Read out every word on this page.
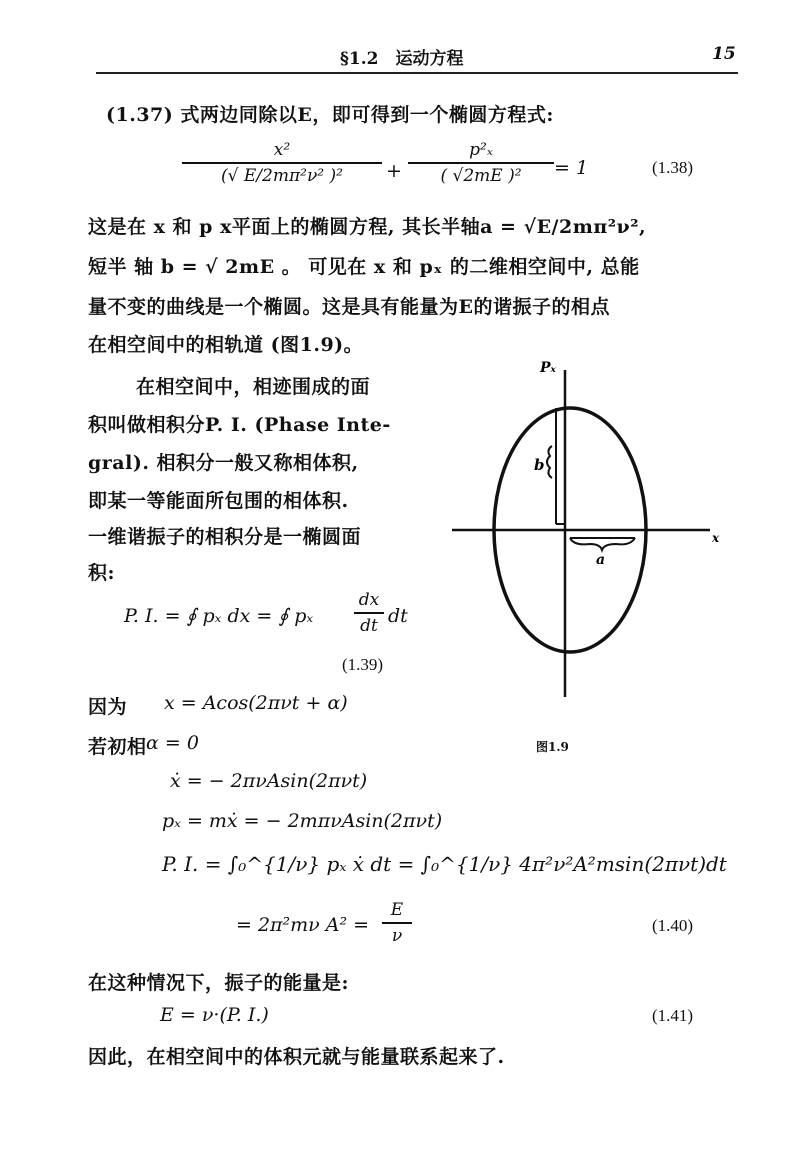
§1.2　运动方程	15
(1.37) 式两边同除以E，即可得到一个椭圆方程式:
x²
(√ E/2mπ²ν² )²	+
p²ₓ
( √2mE )²	= 1	(1.38)
这是在 x 和 p x平面上的椭圆方程, 其长半轴a = √E/2mπ²ν²,
短半 轴 b = √ 2mE 。 可见在 x 和 pₓ 的二维相空间中, 总能
量不变的曲线是一个椭圆。这是具有能量为E的谐振子的相点
在相空间中的相轨道 (图1.9)。
在相空间中，相迹围成的面
积叫做相积分P. I. (Phase Inte-
gral). 相积分一般又称相体积,
即某一等能面所包围的相体积.
一维谐振子的相积分是一椭圆面
积:
P. I. = ∮ pₓ dx = ∮ pₓ
dx
dt dt
(1.39)
因为 x = Acos(2πνt + α)
若初相 α = 0
ẋ = − 2πνAsin(2πνt)
pₓ = mẋ = − 2mπνAsin(2πνt)
P. I. = ∫₀^{1/ν} pₓ ẋ dt = ∫₀^{1/ν} 4π²ν²A²msin(2πνt)dt
= 2π²mν A² =
E
ν
(1.40)
在这种情况下，振子的能量是:
E = ν·(P. I.)	(1.41)
因此，在相空间中的体积元就与能量联系起来了.
Pₓ
x
b
a
图1.9
